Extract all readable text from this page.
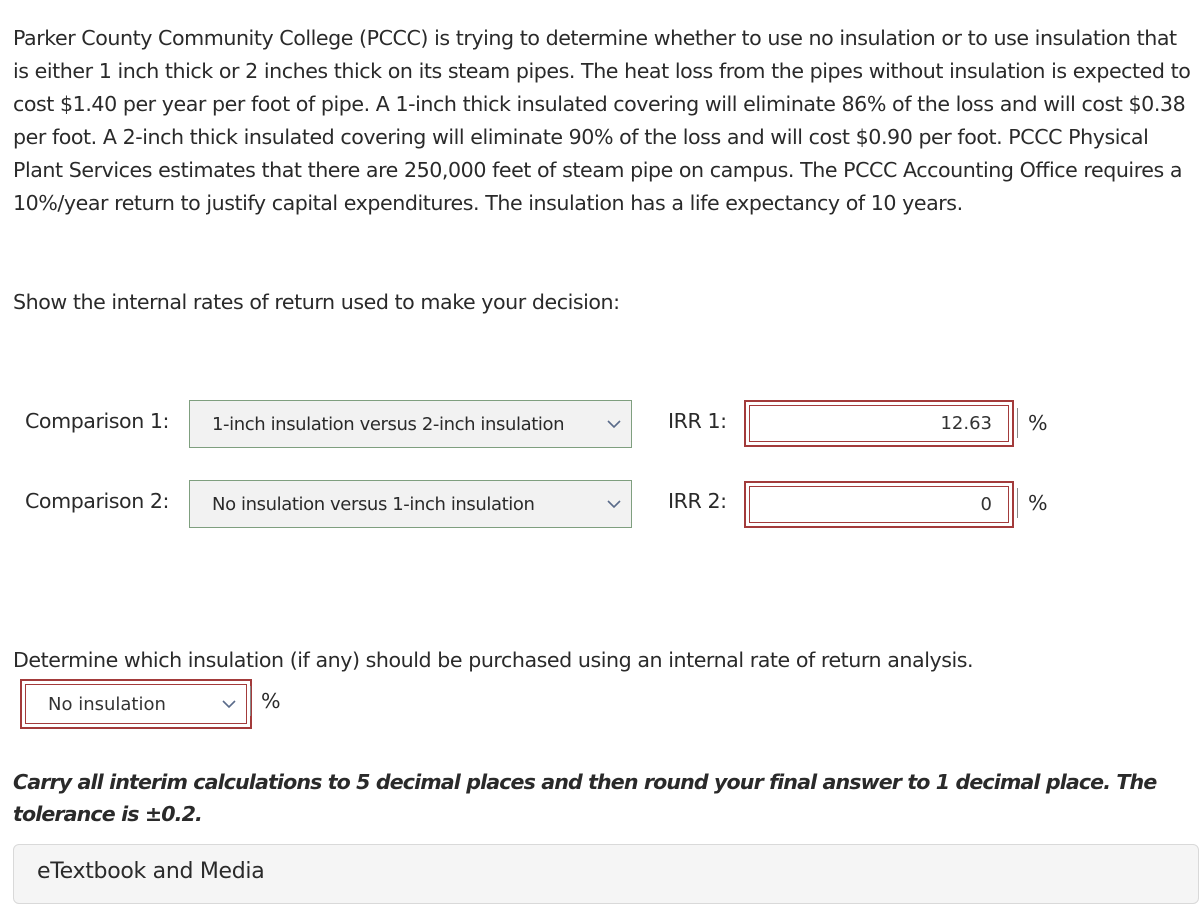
Parker County Community College (PCCC) is trying to determine whether to use no insulation or to use insulation that is either 1 inch thick or 2 inches thick on its steam pipes. The heat loss from the pipes without insulation is expected to cost $1.40 per year per foot of pipe. A 1-inch thick insulated covering will eliminate 86% of the loss and will cost $0.38 per foot. A 2-inch thick insulated covering will eliminate 90% of the loss and will cost $0.90 per foot. PCCC Physical Plant Services estimates that there are 250,000 feet of steam pipe on campus. The PCCC Accounting Office requires a 10%/year return to justify capital expenditures. The insulation has a life expectancy of 10 years.

Show the internal rates of return used to make your decision:

Comparison 1:	1-inch insulation versus 2-inch insulation	IRR 1:	12.63	%
Comparison 2:	No insulation versus 1-inch insulation	IRR 2:	0	%

Determine which insulation (if any) should be purchased using an internal rate of return analysis.

No insulation	%

Carry all interim calculations to 5 decimal places and then round your final answer to 1 decimal place. The tolerance is ±0.2.

eTextbook and Media
